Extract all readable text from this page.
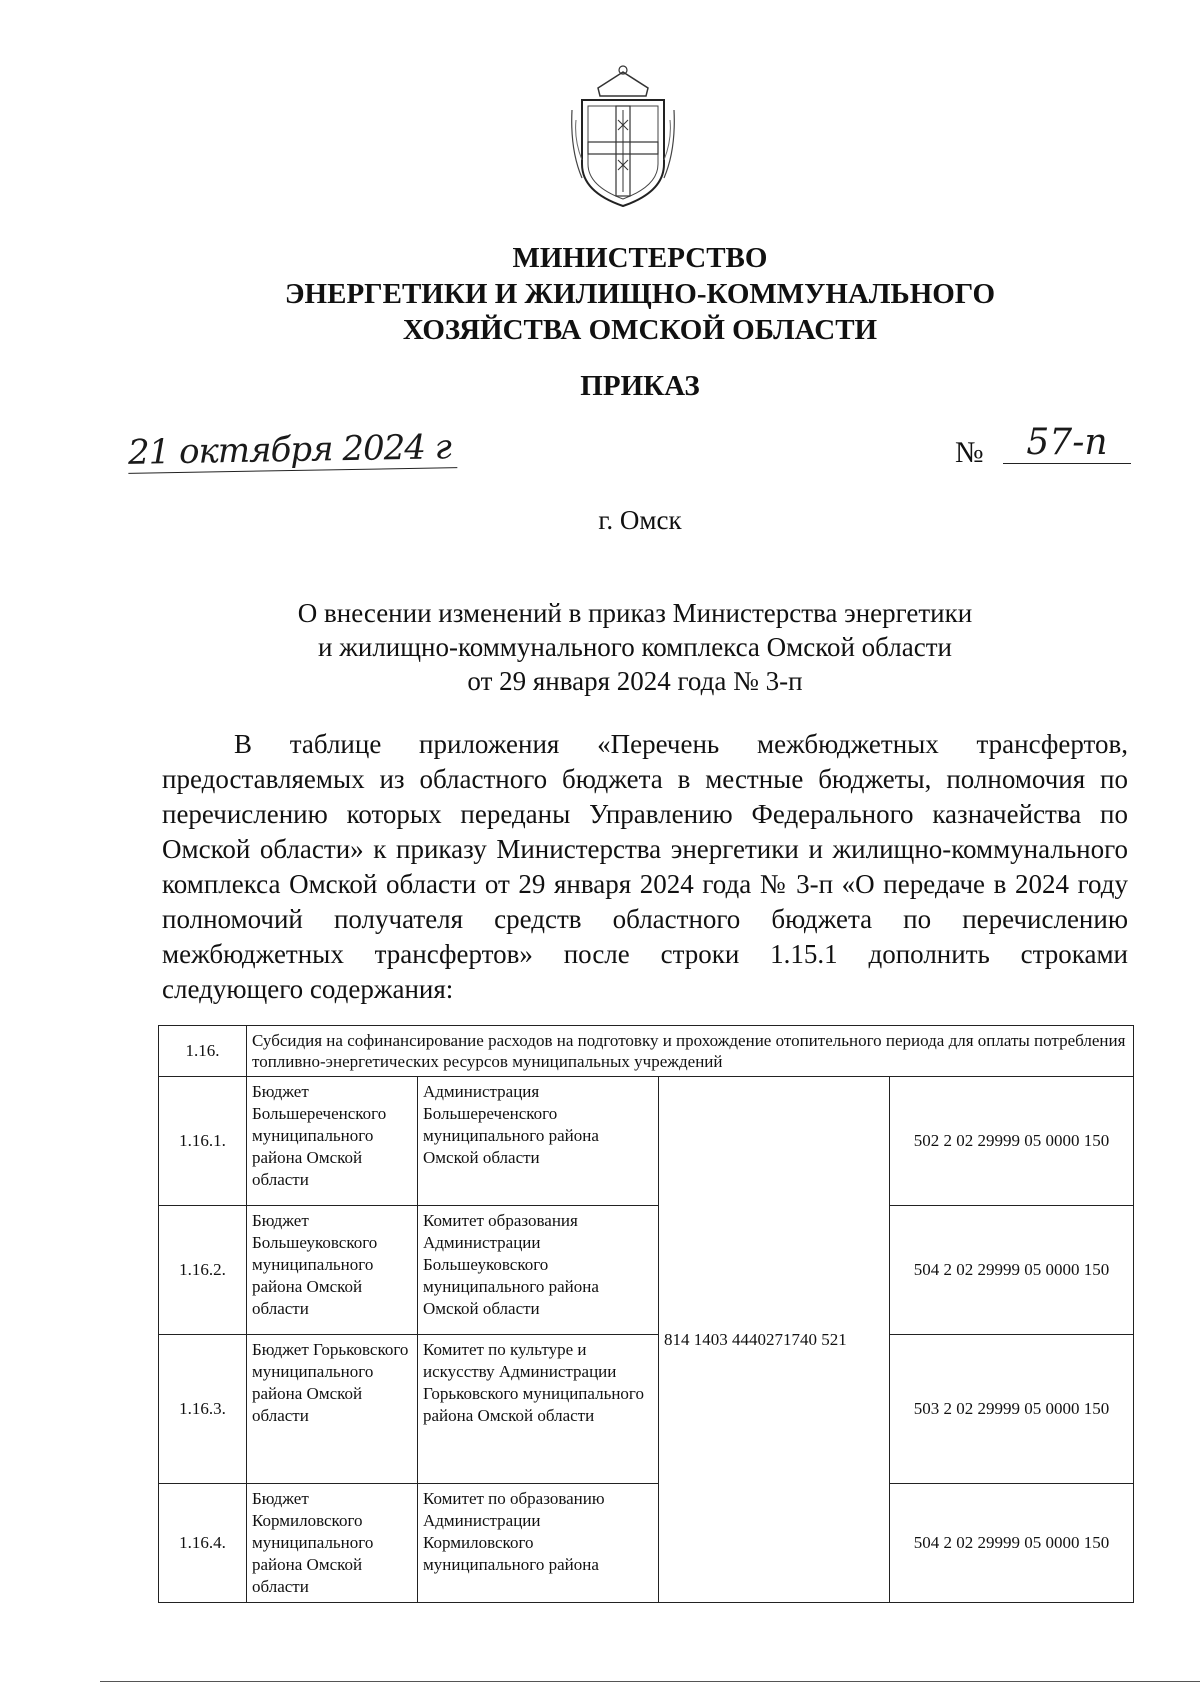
МИНИСТЕРСТВО
ЭНЕРГЕТИКИ И ЖИЛИЩНО-КОММУНАЛЬНОГО
ХОЗЯЙСТВА ОМСКОЙ ОБЛАСТИ
ПРИКАЗ
21 октября 2024 г	№	57-п
г. Омск
О внесении изменений в приказ Министерства энергетики
и жилищно-коммунального комплекса Омской области
от 29 января 2024 года № 3-п
В таблице приложения «Перечень межбюджетных трансфертов, предоставляемых из областного бюджета в местные бюджеты, полномочия по перечислению которых переданы Управлению Федерального казначейства по Омской области» к приказу Министерства энергетики и жилищно-коммунального комплекса Омской области от 29 января 2024 года № 3-п «О передаче в 2024 году полномочий получателя средств областного бюджета по перечислению межбюджетных трансфертов» после строки 1.15.1 дополнить строками следующего содержания:
1.16.	Субсидия на софинансирование расходов на подготовку и прохождение отопительного периода для оплаты потребления топливно-энергетических ресурсов муниципальных учреждений			
1.16.1.	Бюджет Большереченского муниципального района Омской области	Администрация Большереченского муниципального района Омской области	814 1403 4440271740 521	502 2 02 29999 05 0000 150
1.16.2.	Бюджет Большеуковского муниципального района Омской области	Комитет образования Администрации Большеуковского муниципального района Омской области		504 2 02 29999 05 0000 150
1.16.3.	Бюджет Горьковского муниципального района Омской области	Комитет по культуре и искусству Администрации Горьковского муниципального района Омской области		503 2 02 29999 05 0000 150
1.16.4.	Бюджет Кормиловского муниципального района Омской области	Комитет по образованию Администрации Кормиловского муниципального района		504 2 02 29999 05 0000 150
